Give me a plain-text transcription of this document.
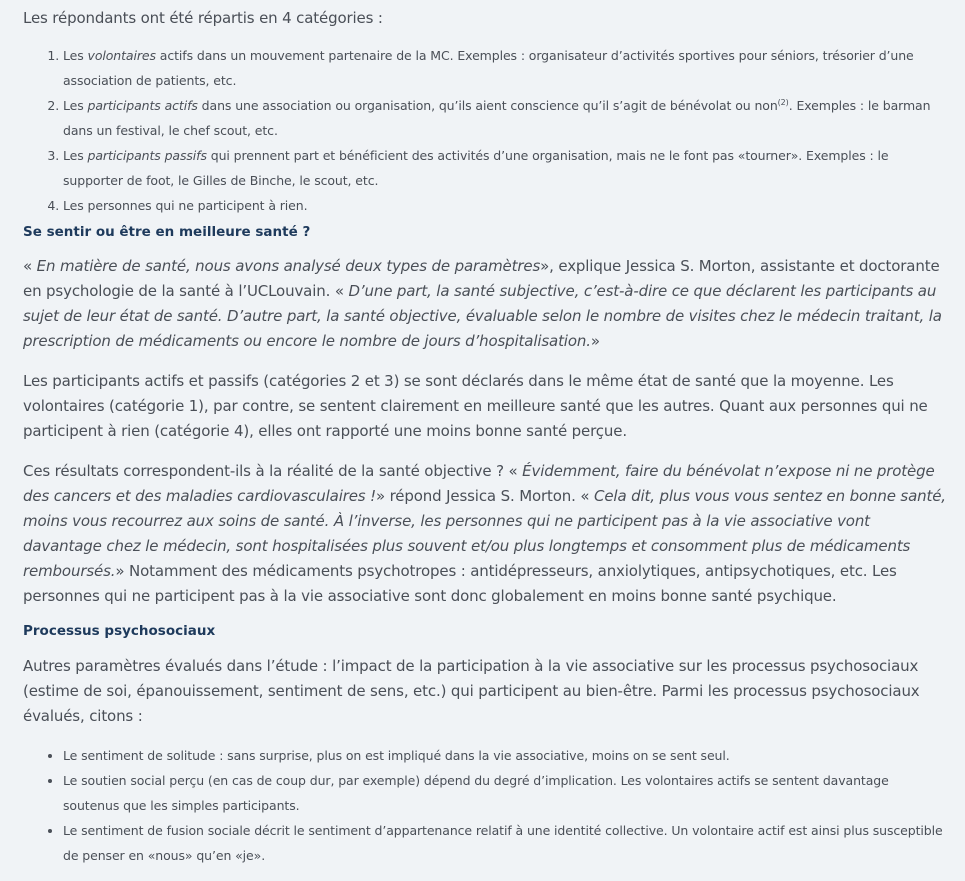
Les répondants ont été répartis en 4 catégories :

1. Les volontaires actifs dans un mouvement partenaire de la MC. Exemples : organisateur d’activités sportives pour séniors, trésorier d’une association de patients, etc.
2. Les participants actifs dans une association ou organisation, qu’ils aient conscience qu’il s’agit de bénévolat ou non$^{(2)}$. Exemples : le barman dans un festival, le chef scout, etc.
3. Les participants passifs qui prennent part et bénéficient des activités d’une organisation, mais ne le font pas «tourner». Exemples : le supporter de foot, le Gilles de Binche, le scout, etc.
4. Les personnes qui ne participent à rien.
Se sentir ou être en meilleure santé ?

« En matière de santé, nous avons analysé deux types de paramètres», explique Jessica S. Morton, assistante et doctorante en psychologie de la santé à l’UCLouvain. « D’une part, la santé subjective, c’est-à-dire ce que déclarent les participants au sujet de leur état de santé. D’autre part, la santé objective, évaluable selon le nombre de visites chez le médecin traitant, la prescription de médicaments ou encore le nombre de jours d’hospitalisation.»

Les participants actifs et passifs (catégories 2 et 3) se sont déclarés dans le même état de santé que la moyenne. Les volontaires (catégorie 1), par contre, se sentent clairement en meilleure santé que les autres. Quant aux personnes qui ne participent à rien (catégorie 4), elles ont rapporté une moins bonne santé perçue.

Ces résultats correspondent-ils à la réalité de la santé objective ? « Évidemment, faire du bénévolat n’expose ni ne protège des cancers et des maladies cardiovasculaires !» répond Jessica S. Morton. « Cela dit, plus vous vous sentez en bonne santé, moins vous recourrez aux soins de santé. À l’inverse, les personnes qui ne participent pas à la vie associative vont davantage chez le médecin, sont hospitalisées plus souvent et/ou plus longtemps et consomment plus de médicaments remboursés.» Notamment des médicaments psychotropes : antidépresseurs, anxiolytiques, antipsychotiques, etc. Les personnes qui ne participent pas à la vie associative sont donc globalement en moins bonne santé psychique.

Processus psychosociaux

Autres paramètres évalués dans l’étude : l’impact de la participation à la vie associative sur les processus psychosociaux (estime de soi, épanouissement, sentiment de sens, etc.) qui participent au bien-être. Parmi les processus psychosociaux évalués, citons :

• Le sentiment de solitude : sans surprise, plus on est impliqué dans la vie associative, moins on se sent seul.
• Le soutien social perçu (en cas de coup dur, par exemple) dépend du degré d’implication. Les volontaires actifs se sentent davantage soutenus que les simples participants.
• Le sentiment de fusion sociale décrit le sentiment d’appartenance relatif à une identité collective. Un volontaire actif est ainsi plus susceptible de penser en «nous» qu’en «je».
